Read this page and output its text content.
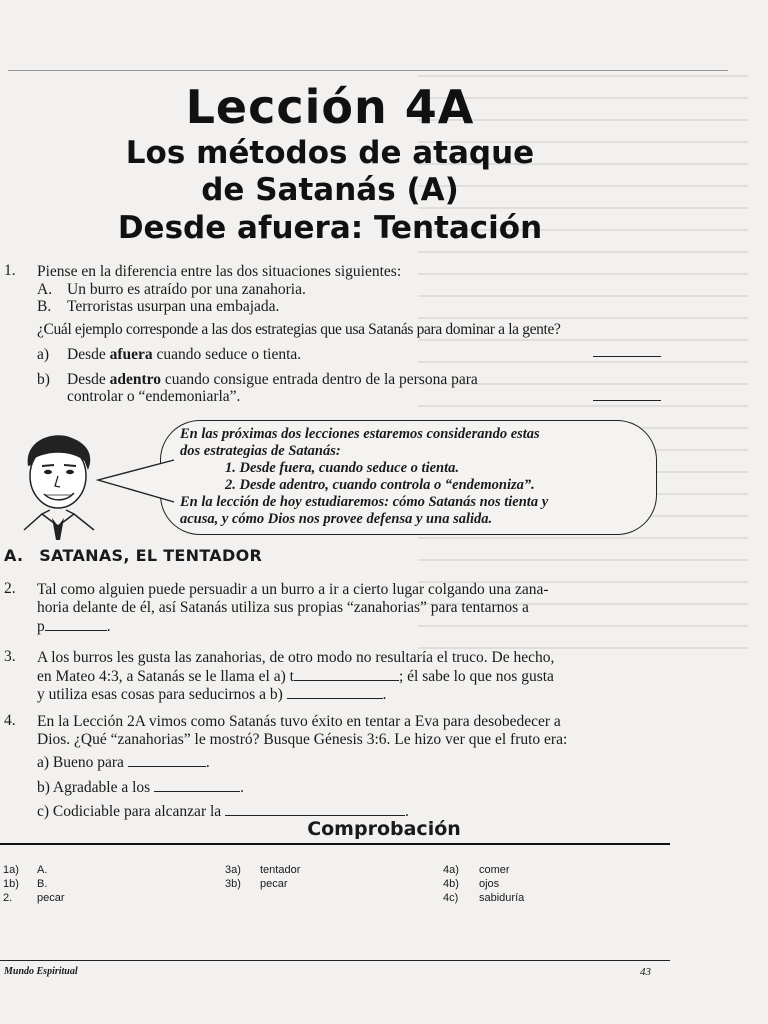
Lección 4A
Los métodos de ataque
de Satanás (A)
Desde afuera: Tentación
1. Piense en la diferencia entre las dos situaciones siguientes:
A. Un burro es atraído por una zanahoria.
B. Terroristas usurpan una embajada.
¿Cuál ejemplo corresponde a las dos estrategias que usa Satanás para dominar a la gente?
a) Desde afuera cuando seduce o tienta.
b) Desde adentro cuando consigue entrada dentro de la persona para
controlar o “endemoniarla”.
En las próximas dos lecciones estaremos considerando estas
dos estrategias de Satanás:
1. Desde fuera, cuando seduce o tienta.
2. Desde adentro, cuando controla o “endemoniza”.
En la lección de hoy estudiaremos: cómo Satanás nos tienta y
acusa, y cómo Dios nos provee defensa y una salida.
A. SATANAS, EL TENTADOR
2. Tal como alguien puede persuadir a un burro a ir a cierto lugar colgando una zana-
horia delante de él, así Satanás utiliza sus propias “zanahorias” para tentarnos a
p	.
3. A los burros les gusta las zanahorias, de otro modo no resultaría el truco. De hecho,
en Mateo 4:3, a Satanás se le llama el a) t	; él sabe lo que nos gusta
y utiliza esas cosas para seducirnos a b)	.
4. En la Lección 2A vimos como Satanás tuvo éxito en tentar a Eva para desobedecer a
Dios. ¿Qué “zanahorias” le mostró? Busque Génesis 3:6. Le hizo ver que el fruto era:
a) Bueno para	.
b) Agradable a los	.
c) Codiciable para alcanzar la	.
Comprobación
1a) A.
1b) B.
2. pecar
3a) tentador
3b) pecar
4a) comer
4b) ojos
4c) sabiduría
Mundo Espiritual	43
